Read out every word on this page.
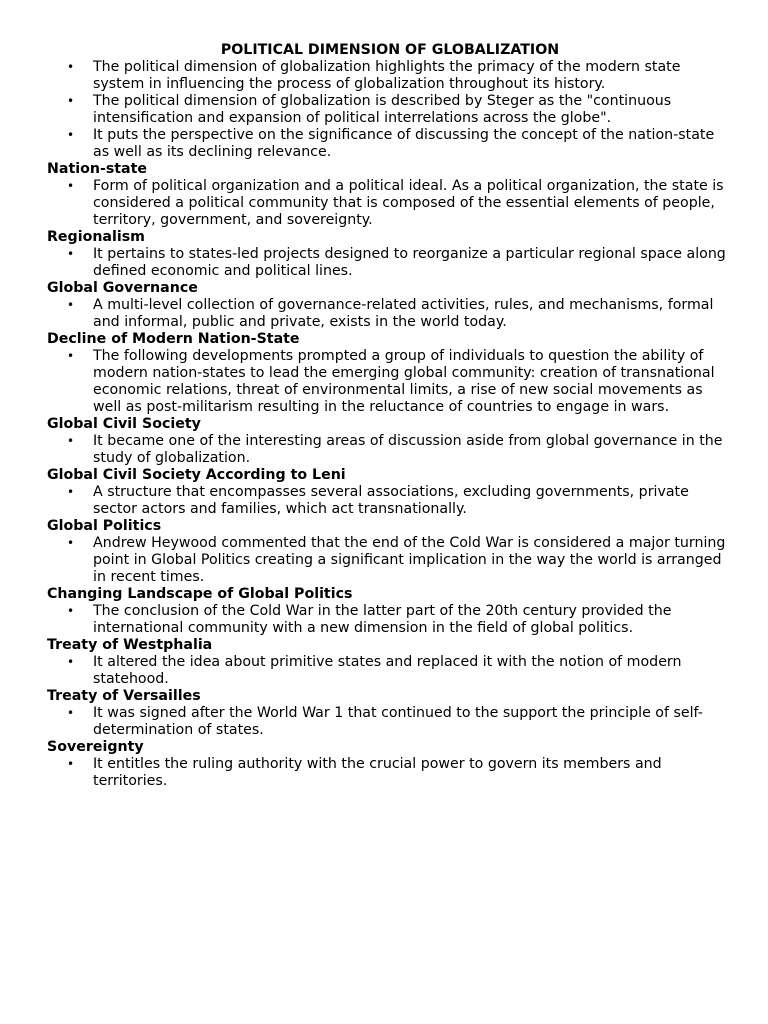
POLITICAL DIMENSION OF GLOBALIZATION
• The political dimension of globalization highlights the primacy of the modern state system in influencing the process of globalization throughout its history.
• The political dimension of globalization is described by Steger as the "continuous intensification and expansion of political interrelations across the globe".
• It puts the perspective on the significance of discussing the concept of the nation-state as well as its declining relevance.
Nation-state
• Form of political organization and a political ideal. As a political organization, the state is considered a political community that is composed of the essential elements of people, territory, government, and sovereignty.
Regionalism
• It pertains to states-led projects designed to reorganize a particular regional space along defined economic and political lines.
Global Governance
• A multi-level collection of governance-related activities, rules, and mechanisms, formal and informal, public and private, exists in the world today.
Decline of Modern Nation-State
• The following developments prompted a group of individuals to question the ability of modern nation-states to lead the emerging global community: creation of transnational economic relations, threat of environmental limits, a rise of new social movements as well as post-militarism resulting in the reluctance of countries to engage in wars.
Global Civil Society
• It became one of the interesting areas of discussion aside from global governance in the study of globalization.
Global Civil Society According to Leni
• A structure that encompasses several associations, excluding governments, private sector actors and families, which act transnationally.
Global Politics
• Andrew Heywood commented that the end of the Cold War is considered a major turning point in Global Politics creating a significant implication in the way the world is arranged in recent times.
Changing Landscape of Global Politics
• The conclusion of the Cold War in the latter part of the 20th century provided the international community with a new dimension in the field of global politics.
Treaty of Westphalia
• It altered the idea about primitive states and replaced it with the notion of modern statehood.
Treaty of Versailles
• It was signed after the World War 1 that continued to the support the principle of self-determination of states.
Sovereignty
• It entitles the ruling authority with the crucial power to govern its members and territories.
